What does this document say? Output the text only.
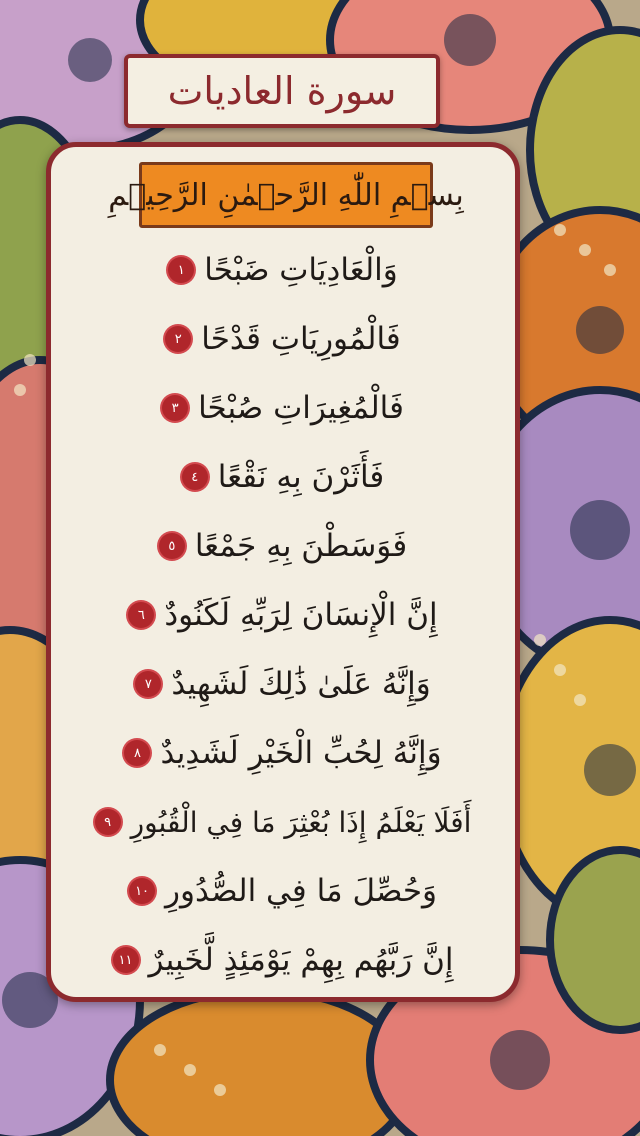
سورة العاديات
بِسۡمِ اللّٰهِ الرَّحۡمٰنِ الرَّحِيۡمِ
وَالْعَادِيَاتِ ضَبْحًا
١
فَالْمُورِيَاتِ قَدْحًا
٢
فَالْمُغِيرَاتِ صُبْحًا
٣
فَأَثَرْنَ بِهِ نَقْعًا
٤
فَوَسَطْنَ بِهِ جَمْعًا
٥
إِنَّ الْإِنسَانَ لِرَبِّهِ لَكَنُودٌ
٦
وَإِنَّهُ عَلَىٰ ذَٰلِكَ لَشَهِيدٌ
٧
وَإِنَّهُ لِحُبِّ الْخَيْرِ لَشَدِيدٌ
٨
أَفَلَا يَعْلَمُ إِذَا بُعْثِرَ مَا فِي الْقُبُورِ
٩
وَحُصِّلَ مَا فِي الصُّدُورِ
١٠
إِنَّ رَبَّهُم بِهِمْ يَوْمَئِذٍ لَّخَبِيرٌ
١١
